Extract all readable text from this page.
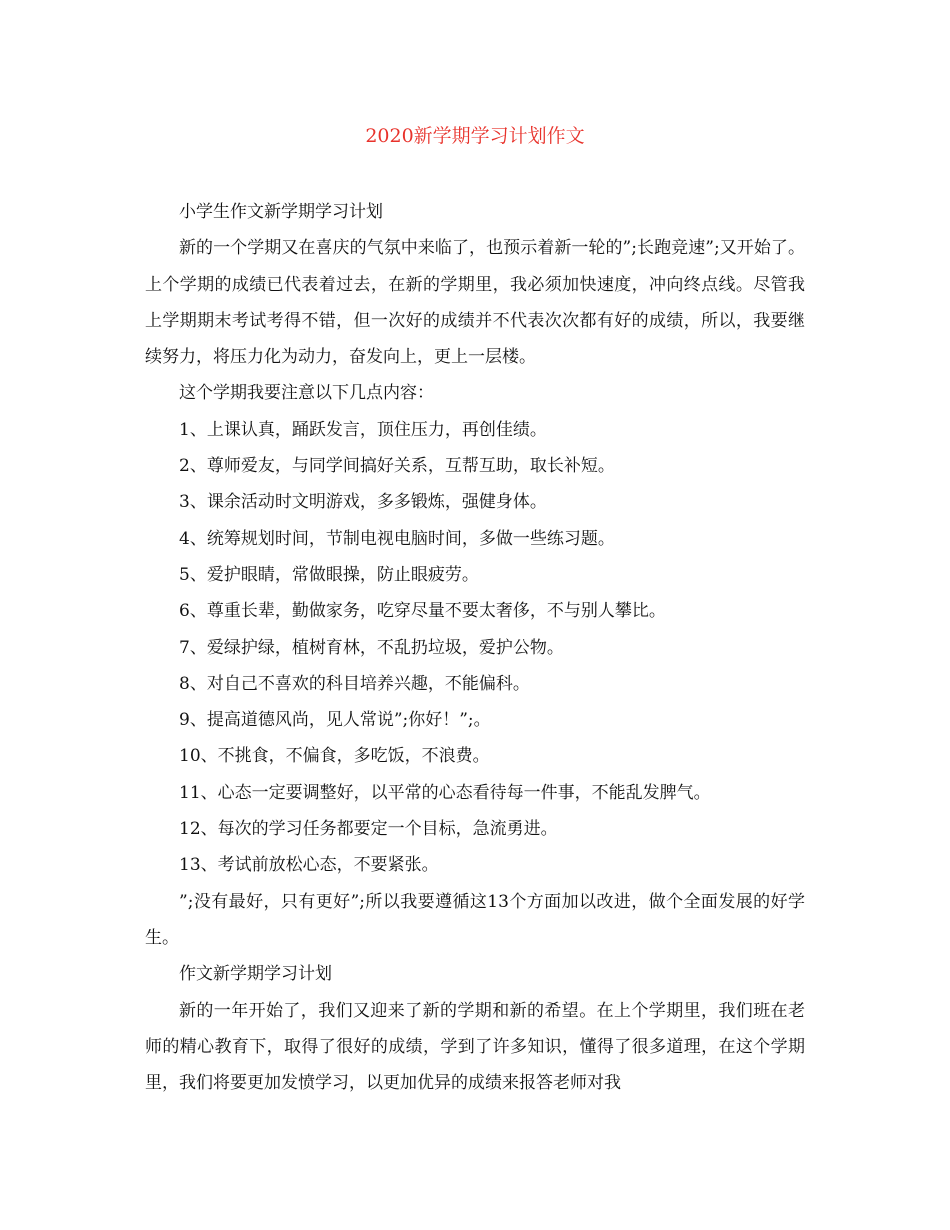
2020新学期学习计划作文

小学生作文新学期学习计划

新的一个学期又在喜庆的气氛中来临了，也预示着新一轮的”;长跑竞速”;又开始了。上个学期的成绩已代表着过去，在新的学期里，我必须加快速度，冲向终点线。尽管我上学期期末考试考得不错，但一次好的成绩并不代表次次都有好的成绩，所以，我要继续努力，将压力化为动力，奋发向上，更上一层楼。

这个学期我要注意以下几点内容：

1、上课认真，踊跃发言，顶住压力，再创佳绩。

2、尊师爱友，与同学间搞好关系，互帮互助，取长补短。

3、课余活动时文明游戏，多多锻炼，强健身体。

4、统筹规划时间，节制电视电脑时间，多做一些练习题。

5、爱护眼睛，常做眼操，防止眼疲劳。

6、尊重长辈，勤做家务，吃穿尽量不要太奢侈，不与别人攀比。

7、爱绿护绿，植树育林，不乱扔垃圾，爱护公物。

8、对自己不喜欢的科目培养兴趣，不能偏科。

9、提高道德风尚，见人常说”;你好！”;。

10、不挑食，不偏食，多吃饭，不浪费。

11、心态一定要调整好，以平常的心态看待每一件事，不能乱发脾气。

12、每次的学习任务都要定一个目标，急流勇进。

13、考试前放松心态，不要紧张。

”;没有最好，只有更好”;所以我要遵循这13个方面加以改进，做个全面发展的好学生。

作文新学期学习计划

新的一年开始了，我们又迎来了新的学期和新的希望。在上个学期里，我们班在老师的精心教育下，取得了很好的成绩，学到了许多知识，懂得了很多道理，在这个学期里，我们将要更加发愤学习，以更加优异的成绩来报答老师对我
